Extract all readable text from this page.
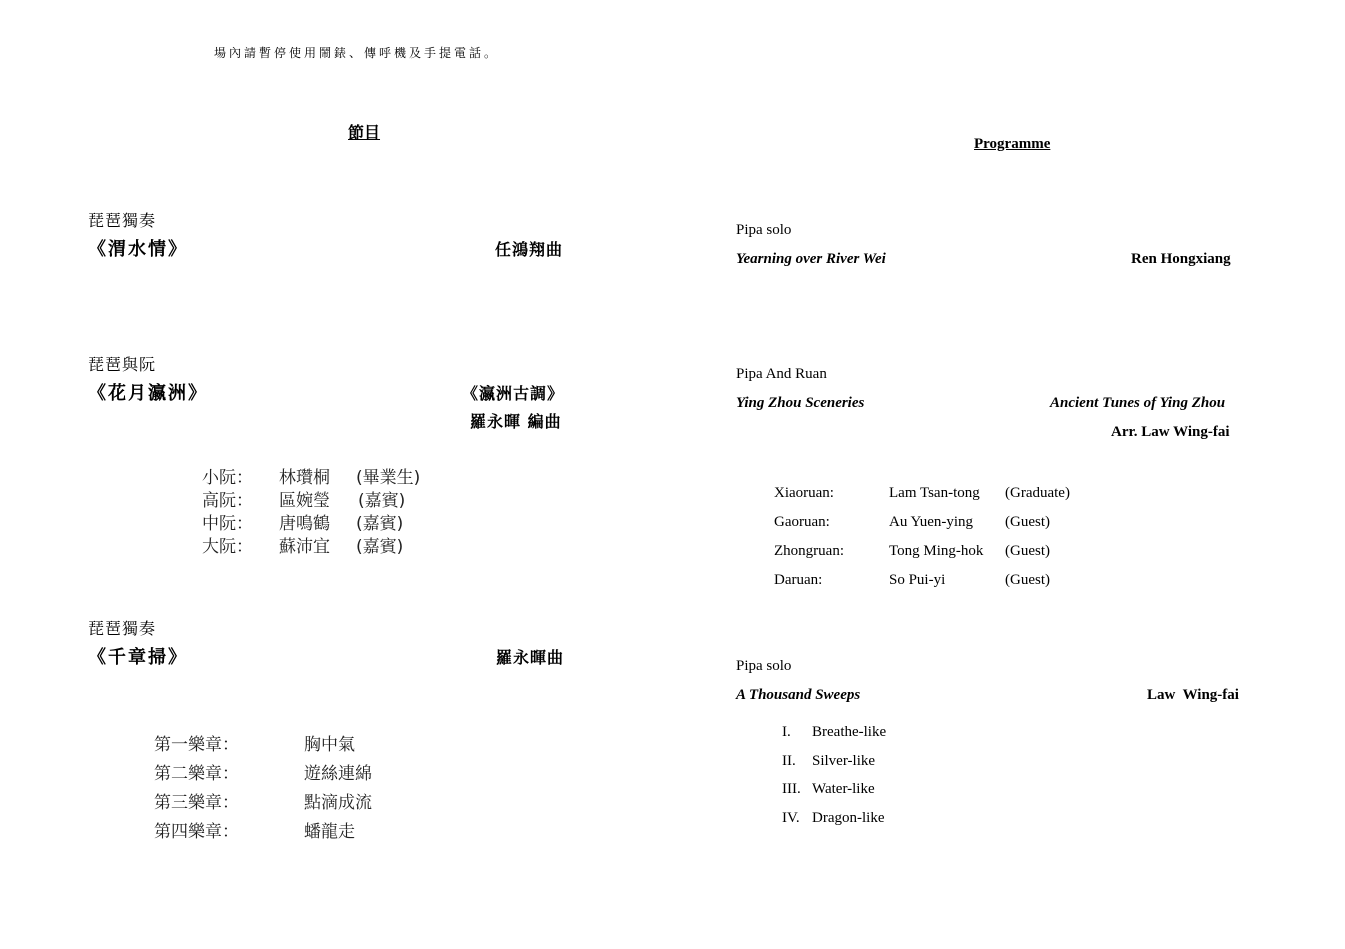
場內請暫停使用鬧錶、傳呼機及手提電話。
節目
琵琶獨奏
《渭水情》	任鴻翔曲
琵琶與阮
《花月瀛洲》	《瀛洲古調》
羅永暉 編曲
小阮： 林瓚桐 (畢業生)
高阮： 區婉瑩 (嘉賓)
中阮： 唐鳴鶴 (嘉賓)
大阮： 蘇沛宜 (嘉賓)
琵琶獨奏
《千章掃》	羅永暉曲
第一樂章：	胸中氣
第二樂章：	遊絲連綿
第三樂章：	點滴成流
第四樂章：	蟠龍走
Programme
Pipa solo
Yearning over River Wei	Ren Hongxiang
Pipa And Ruan
Ying Zhou Sceneries	Ancient Tunes of Ying Zhou
Arr. Law Wing-fai
Xiaoruan:	Lam Tsan-tong (Graduate)
Gaoruan:	Au Yuen-ying (Guest)
Zhongruan:	Tong Ming-hok (Guest)
Daruan:	So Pui-yi	(Guest)
Pipa solo
A Thousand Sweeps	Law  Wing-fai
I. Breathe-like
II. Silver-like
III. Water-like
IV. Dragon-like
